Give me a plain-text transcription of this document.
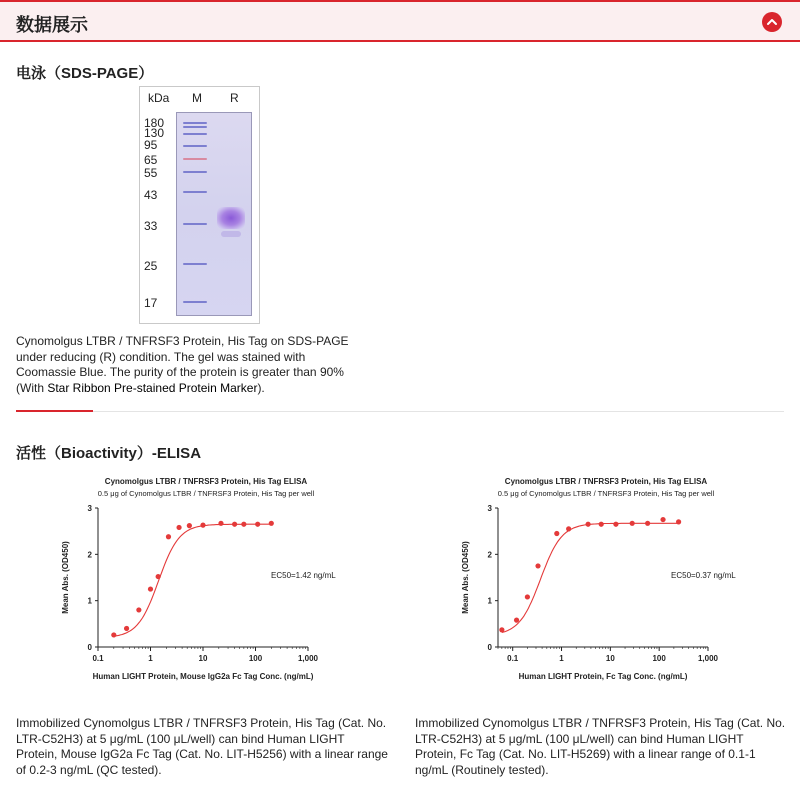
数据展示
电泳（SDS-PAGE）
kDa M R
180
130
95
65
55
43
33
25
17
Cynomolgus LTBR / TNFRSF3 Protein, His Tag on SDS-PAGE under reducing (R) condition. The gel was stained with Coomassie Blue. The purity of the protein is greater than 90% (With Star Ribbon Pre-stained Protein Marker).
活性（Bioactivity）-ELISA
Cynomolgus LTBR / TNFRSF3 Protein, His Tag ELISA
0.5 μg of Cynomolgus LTBR / TNFRSF3 Protein, His Tag per well
0
1
2
3
0.1	1	10	100	1,000
Human LIGHT Protein, Mouse IgG2a Fc Tag Conc. (ng/mL)
Mean Abs. (OD450)	EC50=1.42 ng/mL
Cynomolgus LTBR / TNFRSF3 Protein, His Tag ELISA
0.5 μg of Cynomolgus LTBR / TNFRSF3 Protein, His Tag per well
0
1
2
3
0.1	1	10	100	1,000
Human LIGHT Protein, Fc Tag Conc. (ng/mL)
Mean Abs. (OD450)	EC50=0.37 ng/mL
Immobilized Cynomolgus LTBR / TNFRSF3 Protein, His Tag (Cat. No. LTR-C52H3) at 5 μg/mL (100 μL/well) can bind Human LIGHT Protein, Mouse IgG2a Fc Tag (Cat. No. LIT-H5256) with a linear range of 0.2-3 ng/mL (QC tested).
Immobilized Cynomolgus LTBR / TNFRSF3 Protein, His Tag (Cat. No. LTR-C52H3) at 5 μg/mL (100 μL/well) can bind Human LIGHT Protein, Fc Tag (Cat. No. LIT-H5269) with a linear range of 0.1-1 ng/mL (Routinely tested).
